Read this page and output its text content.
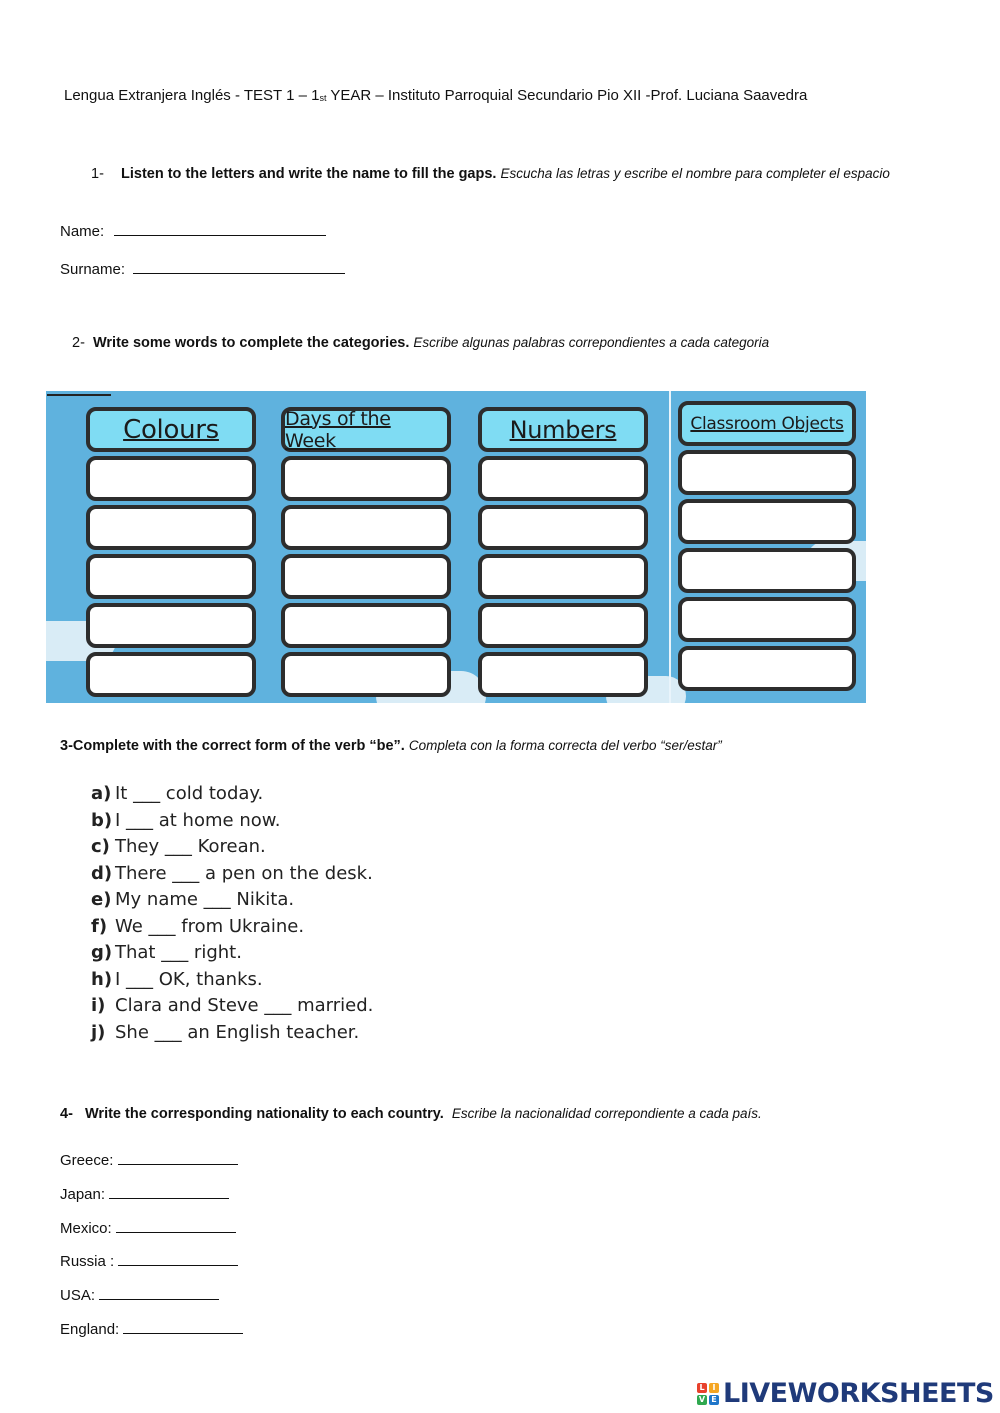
Lengua Extranjera Inglés - TEST $1 - 1_{st}$ YEAR – Instituto Parroquial Secundario Pio XII -Prof. Luciana Saavedra
1- Listen to the letters and write the name to fill the gaps. Escucha las letras y escribe el nombre para completer el espacio
Name:
Surname:
2- Write some words to complete the categories. Escribe algunas palabras correpondientes a cada categoria
Colours	Days of the Week	Numbers	Classroom Objects
3-Complete with the correct form of the verb “be”. Completa con la forma correcta del verbo “ser/estar”
a) It ___ cold today.
b) I ___ at home now.
c) They ___ Korean.
d) There ___ a pen on the desk.
e) My name ___ Nikita.
f) We ___ from Ukraine.
g) That ___ right.
h) I ___ OK, thanks.
i) Clara and Steve ___ married.
j) She ___ an English teacher.
4- Write the corresponding nationality to each country. Escribe la nacionalidad correpondiente a cada país.
Greece:
Japan:
Mexico:
Russia :
USA:
England:
L I
V E LIVEWORKSHEETS
